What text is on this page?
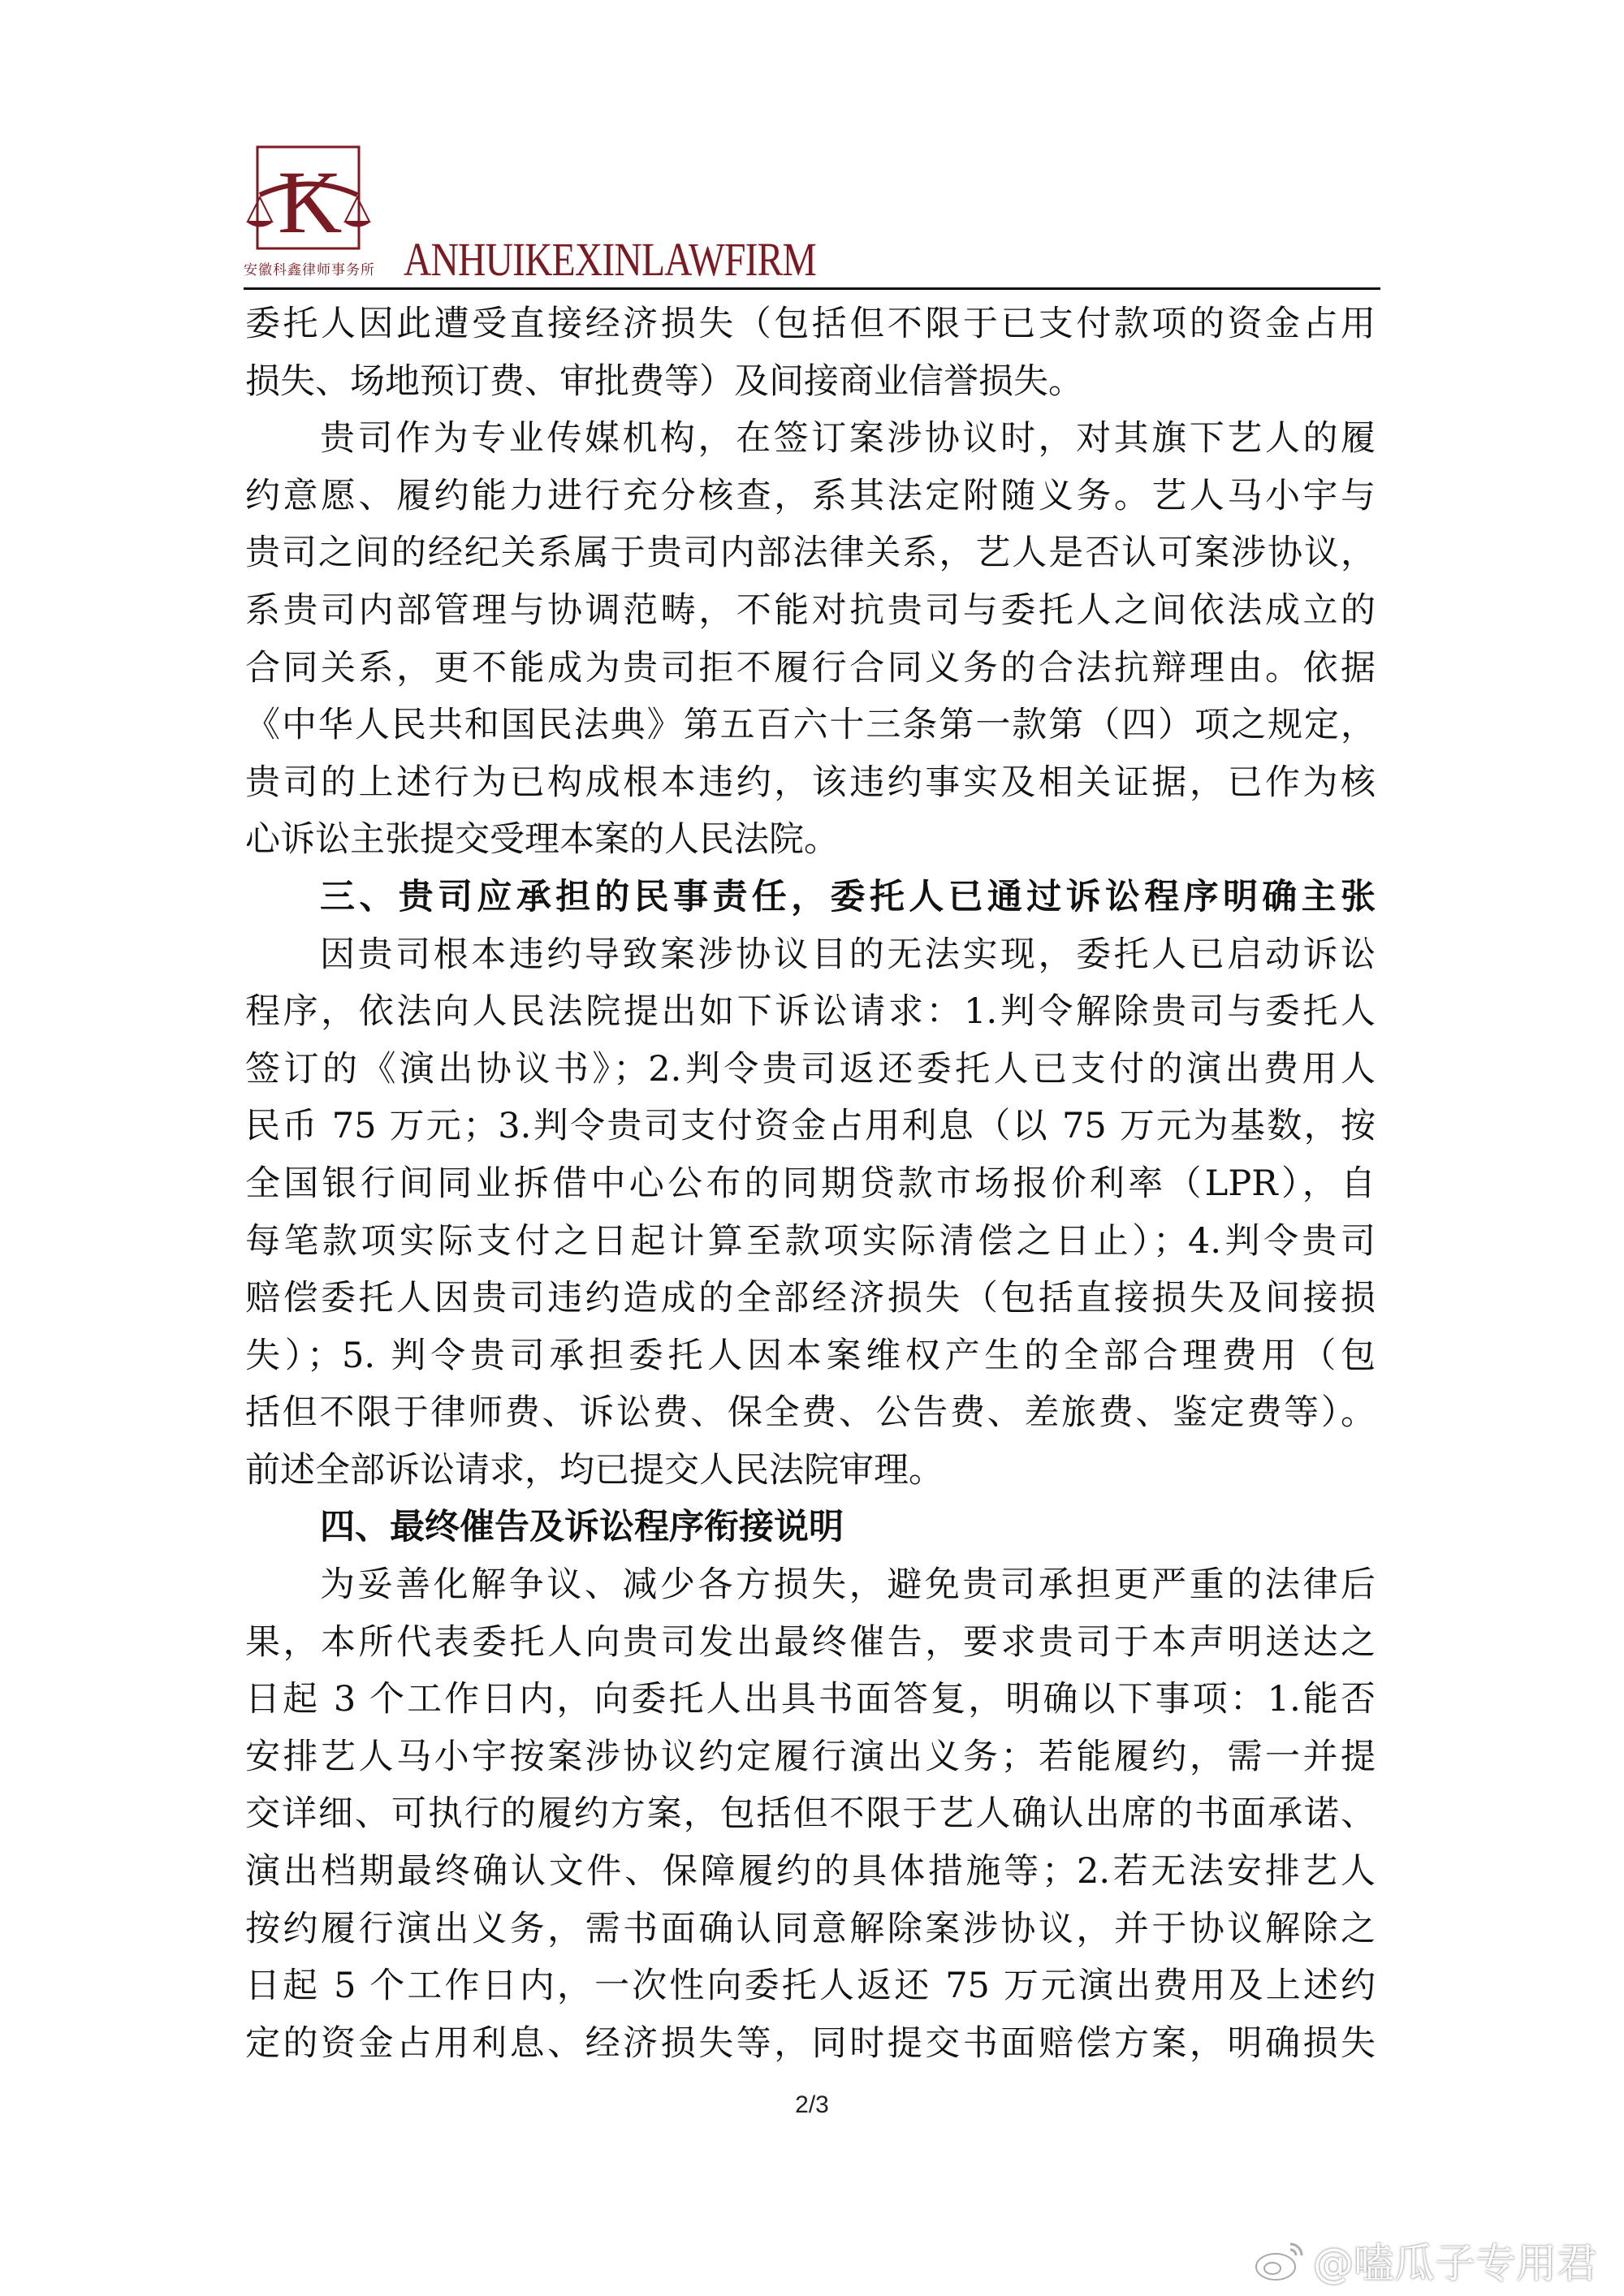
K
安徽科鑫律师事务所 ANHUIKEXINLAWFIRM
委托人因此遭受直接经济损失（包括但不限于已支付款项的资金占用
损失、场地预订费、审批费等）及间接商业信誉损失。
贵司作为专业传媒机构，在签订案涉协议时，对其旗下艺人的履
约意愿、履约能力进行充分核查，系其法定附随义务。艺人马小宇与
贵司之间的经纪关系属于贵司内部法律关系，艺人是否认可案涉协议，
系贵司内部管理与协调范畴，不能对抗贵司与委托人之间依法成立的
合同关系，更不能成为贵司拒不履行合同义务的合法抗辩理由。依据
《中华人民共和国民法典》第五百六十三条第一款第（四）项之规定，
贵司的上述行为已构成根本违约，该违约事实及相关证据，已作为核
心诉讼主张提交受理本案的人民法院。
三、贵司应承担的民事责任，委托人已通过诉讼程序明确主张
因贵司根本违约导致案涉协议目的无法实现，委托人已启动诉讼
程序，依法向人民法院提出如下诉讼请求：1.判令解除贵司与委托人
签订的《演出协议书》；2.判令贵司返还委托人已支付的演出费用人
民币 75 万元；3.判令贵司支付资金占用利息（以 75 万元为基数，按
全国银行间同业拆借中心公布的同期贷款市场报价利率（LPR），自
每笔款项实际支付之日起计算至款项实际清偿之日止）；4.判令贵司
赔偿委托人因贵司违约造成的全部经济损失（包括直接损失及间接损
失）；5. 判令贵司承担委托人因本案维权产生的全部合理费用（包
括但不限于律师费、诉讼费、保全费、公告费、差旅费、鉴定费等）。
前述全部诉讼请求，均已提交人民法院审理。
四、最终催告及诉讼程序衔接说明
为妥善化解争议、减少各方损失，避免贵司承担更严重的法律后
果，本所代表委托人向贵司发出最终催告，要求贵司于本声明送达之
日起 3 个工作日内，向委托人出具书面答复，明确以下事项：1.能否
安排艺人马小宇按案涉协议约定履行演出义务；若能履约，需一并提
交详细、可执行的履约方案，包括但不限于艺人确认出席的书面承诺、
演出档期最终确认文件、保障履约的具体措施等；2.若无法安排艺人
按约履行演出义务，需书面确认同意解除案涉协议，并于协议解除之
日起 5 个工作日内，一次性向委托人返还 75 万元演出费用及上述约
定的资金占用利息、经济损失等，同时提交书面赔偿方案，明确损失
2/3
@嗑瓜子专用君
